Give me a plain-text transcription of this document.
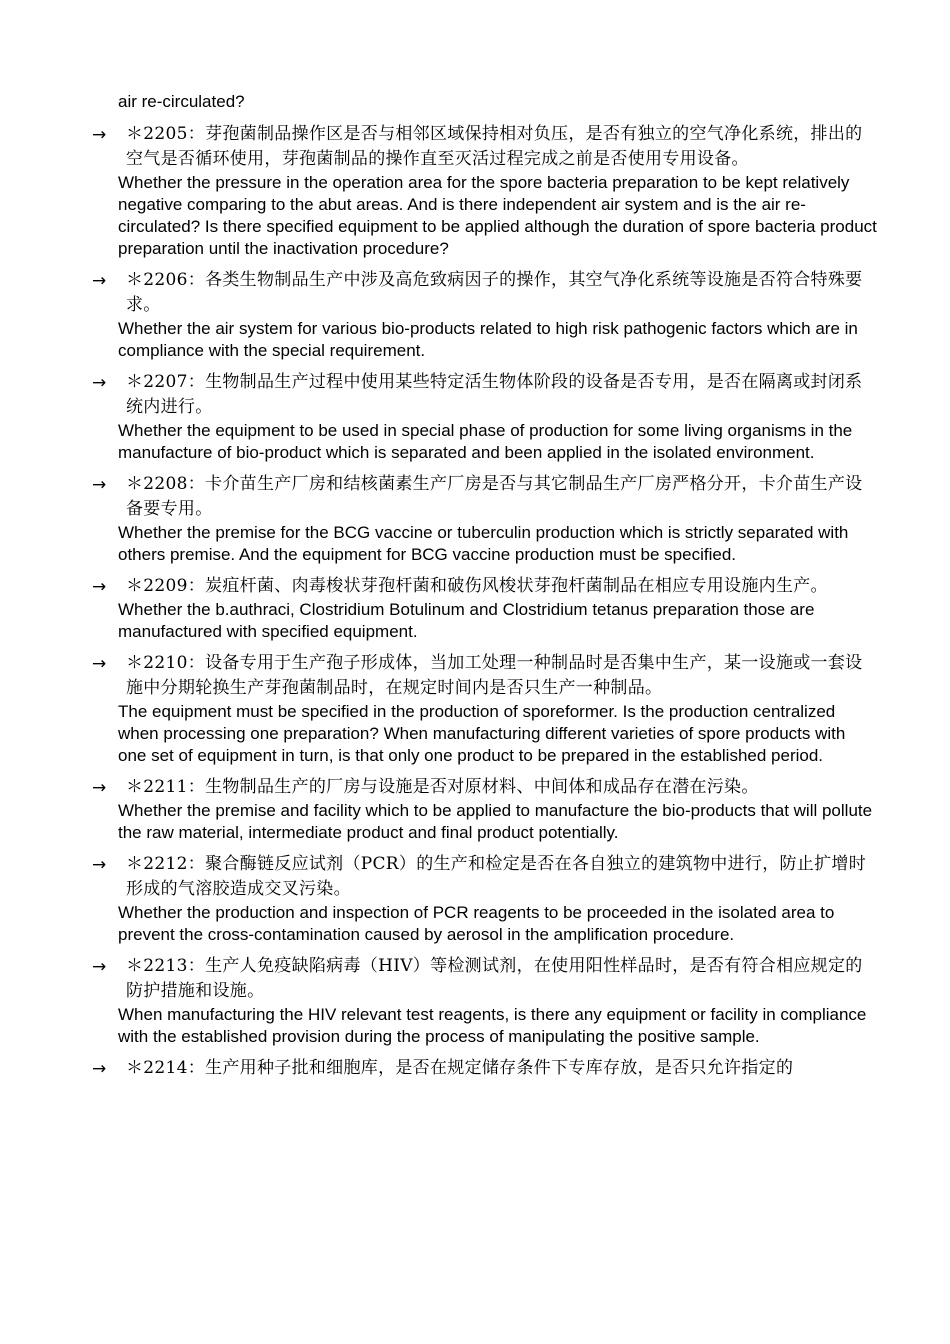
air re-circulated?
→	＊2205：芽孢菌制品操作区是否与相邻区域保持相对负压，是否有独立的空气净化系统，排出的空气是否循环使用，芽孢菌制品的操作直至灭活过程完成之前是否使用专用设备。
Whether the pressure in the operation area for the spore bacteria preparation to be kept relatively negative comparing to the abut areas. And is there independent air system and is the air re-circulated? Is there specified equipment to be applied although the duration of spore bacteria product preparation until the inactivation procedure?
→	＊2206：各类生物制品生产中涉及高危致病因子的操作，其空气净化系统等设施是否符合特殊要求。
Whether the air system for various bio-products related to high risk pathogenic factors which are in compliance with the special requirement.
→	＊2207：生物制品生产过程中使用某些特定活生物体阶段的设备是否专用，是否在隔离或封闭系统内进行。
Whether the equipment to be used in special phase of production for some living organisms in the manufacture of bio-product which is separated and been applied in the isolated environment.
→	＊2208：卡介苗生产厂房和结核菌素生产厂房是否与其它制品生产厂房严格分开，卡介苗生产设备要专用。
Whether the premise for the BCG vaccine or tuberculin production which is strictly separated with others premise. And the equipment for BCG vaccine production must be specified.
→	＊2209：炭疽杆菌、肉毒梭状芽孢杆菌和破伤风梭状芽孢杆菌制品在相应专用设施内生产。
Whether the b.authraci, Clostridium Botulinum and Clostridium tetanus preparation those are manufactured with specified equipment.
→	＊2210：设备专用于生产孢子形成体，当加工处理一种制品时是否集中生产，某一设施或一套设施中分期轮换生产芽孢菌制品时，在规定时间内是否只生产一种制品。
The equipment must be specified in the production of sporeformer. Is the production centralized when processing one preparation? When manufacturing different varieties of spore products with one set of equipment in turn, is that only one product to be prepared in the established period.
→	＊2211：生物制品生产的厂房与设施是否对原材料、中间体和成品存在潜在污染。
Whether the premise and facility which to be applied to manufacture the bio-products that will pollute the raw material, intermediate product and final product potentially.
→	＊2212：聚合酶链反应试剂（PCR）的生产和检定是否在各自独立的建筑物中进行，防止扩增时形成的气溶胶造成交叉污染。
Whether the production and inspection of PCR reagents to be proceeded in the isolated area to prevent the cross-contamination caused by aerosol in the amplification procedure.
→	＊2213：生产人免疫缺陷病毒（HIV）等检测试剂，在使用阳性样品时，是否有符合相应规定的防护措施和设施。
When manufacturing the HIV relevant test reagents, is there any equipment or facility in compliance with the established provision during the process of manipulating the positive sample.
→	＊2214：生产用种子批和细胞库，是否在规定储存条件下专库存放，是否只允许指定的
